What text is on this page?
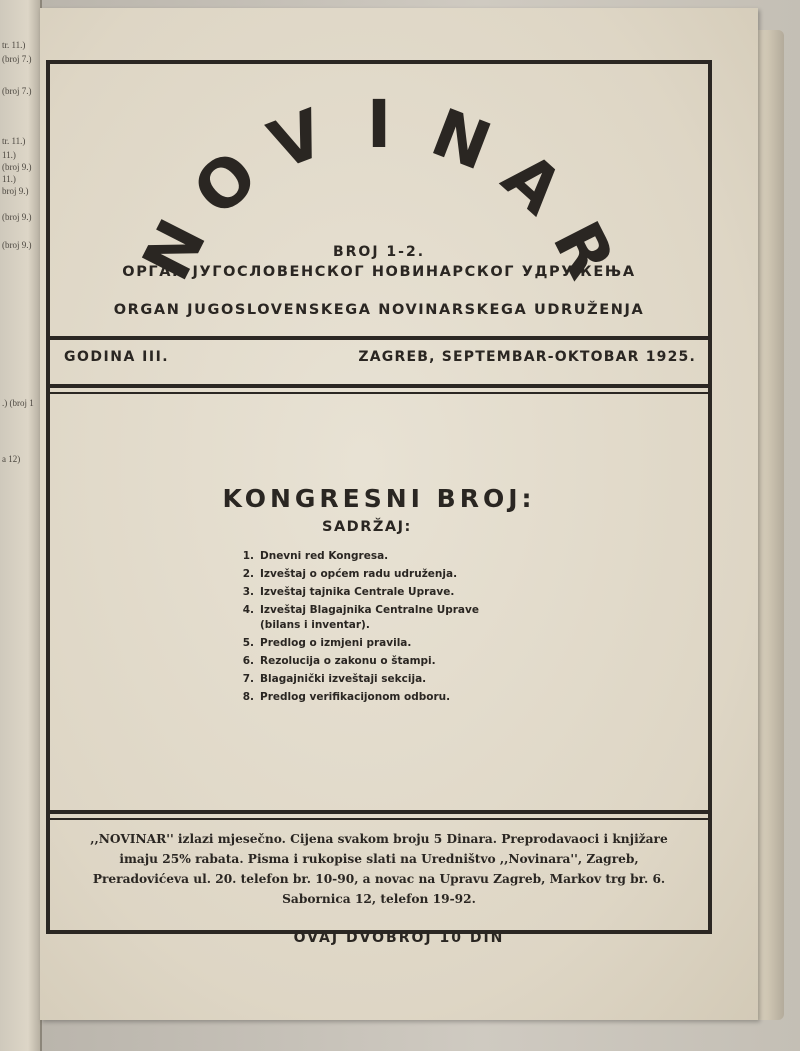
tr. 11.)
(broj 7.)
(broj 7.)
tr. 11.)
11.)
(broj 9.)
11.)
broj 9.)
(broj 9.)
(broj 9.)
.) (broj 1
a 12)
N
O
V I N
A
R
BROJ 1-2.
ОРГАН ЈУГОСЛОВЕНСКОГ НОВИНАРСКОГ УДРУЖЕЊА
ORGAN JUGOSLOVENSKEGA NOVINARSKEGA UDRUŽENJA
GODINA III.	ZAGREB, SEPTEMBAR-OKTOBAR 1925.
KONGRESNI BROJ:
SADRŽAJ:
1. Dnevni red Kongresa.
2. Izveštaj o općem radu udruženja.
3. Izveštaj tajnika Centrale Uprave.
4. Izveštaj Blagajnika Centralne Uprave (bilans i inventar).
5. Predlog o izmjeni pravila.
6. Rezolucija o zakonu o štampi.
7. Blagajnički izveštaji sekcija.
8. Predlog verifikacijonom odboru.
,,NOVINAR'' izlazi mjesečno. Cijena svakom broju 5 Dinara. Preprodavaoci i knjižare imaju 25% rabata. Pisma i rukopise slati na Uredništvo ,,Novinara'', Zagreb, Preradovićeva ul. 20. telefon br. 10-90, a novac na Upravu Zagreb, Markov trg br. 6. Sabornica 12, telefon 19-92.
OVAJ DVOBROJ 10 DIN
